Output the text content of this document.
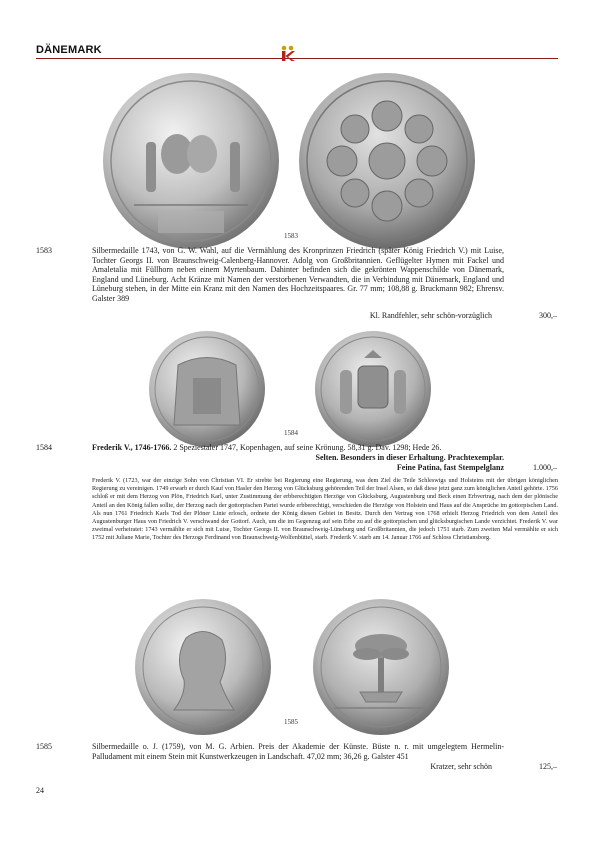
DÄNEMARK
1583
1583	Silbermedaille 1743, von G. W. Wahl, auf die Vermählung des Kronprinzen Friedrich (später König Friedrich V.) mit Luise, Tochter Georgs II. von Braunschweig-Calenberg-Hannover. Adolg von Großbritannien. Geflügelter Hymen mit Fackel und Amaletalia mit Füllhorn neben einem Myrtenbaum. Dahinter befinden sich die gekrönten Wappenschilde von Dänemark, England und Lüneburg. Acht Kränze mit Namen der verstorbenen Verwandten, die in Verbindung mit Dänemark, England und Lüneburg stehen, in der Mitte ein Kranz mit den Namen des Hochzeitspaares. Gr. 77 mm; 108,88 g. Bruckmann 982; Ehrensv. Galster 389
Kl. Randfehler, sehr schön-vorzüglich	300,–
1584
1584	Frederik V., 1746-1766. 2 Speziestaler 1747, Kopenhagen, auf seine Krönung. 58,31 g. Dav. 1298; Hede 26.
Selten. Besonders in dieser Erhaltung. Prachtexemplar.
Feine Patina, fast Stempelglanz	1.000,–
Frederik V. (1723, war der einzige Sohn von Christian VI. Er strebte bei Regierung eine Regierung, was dem Ziel die Teile Schleswigs und Holsteins mit der übrigen königlichen Regierung zu vereinigen. 1749 erwarb er durch Kauf von Hasler den Herzog von Glücksburg gehörenden Teil der Insel Alsen, so daß diese jetzt ganz zum königlichen Anteil gehörte. 1756 schloß er mit dem Herzog von Plön, Friedrich Karl, unter Zustimmung der erbberechtigten Herzöge von Glücksburg, Augustenburg und Beck einen Erbvertrag, nach dem der plönische Anteil an den König fallen sollte, der Herzog nach der gottorpischen Partei wurde erbberechtigt, verschieden die Herzöge von Holstein und Haus auf die Ansprüche im gottorpischen Land. Als nun 1761 Friedrich Karls Tod der Plöner Linie erlosch, ordnete der König diesen Gebiet in Besitz. Durch den Vertrag von 1768 erhielt Herzog Friedrich von dem Anteil des Augustenburger Haus von Friedrich V. verschwand der Gottorf. Auch, um die im Gegenzug auf sein Erbe zu auf die gottorpischen und glücksburgischen Lande verzichtet. Frederik V. war zweimal verheiratet: 1743 vermählte er sich mit Luise, Tochter Georgs II. von Braunschweig-Lüneburg und Großbritannien, die jedoch 1751 starb. Zum zweiten Mal vermählte er sich 1752 mit Juliane Marie, Tochter des Herzogs Ferdinand von Braunschweig-Wolfenbüttel, starb. Frederik V. starb am 14. Januar 1766 auf Schloss Christiansborg.
1585
1585	Silbermedaille o. J. (1759), von M. G. Arbien. Preis der Akademie der Künste. Büste n. r. mit umgelegtem Hermelin-Palludament mit einem Stein mit Kunstwerkzeugen in Landschaft. 47,02 mm; 36,26 g. Galster 451
Kratzer, sehr schön	125,–
24
